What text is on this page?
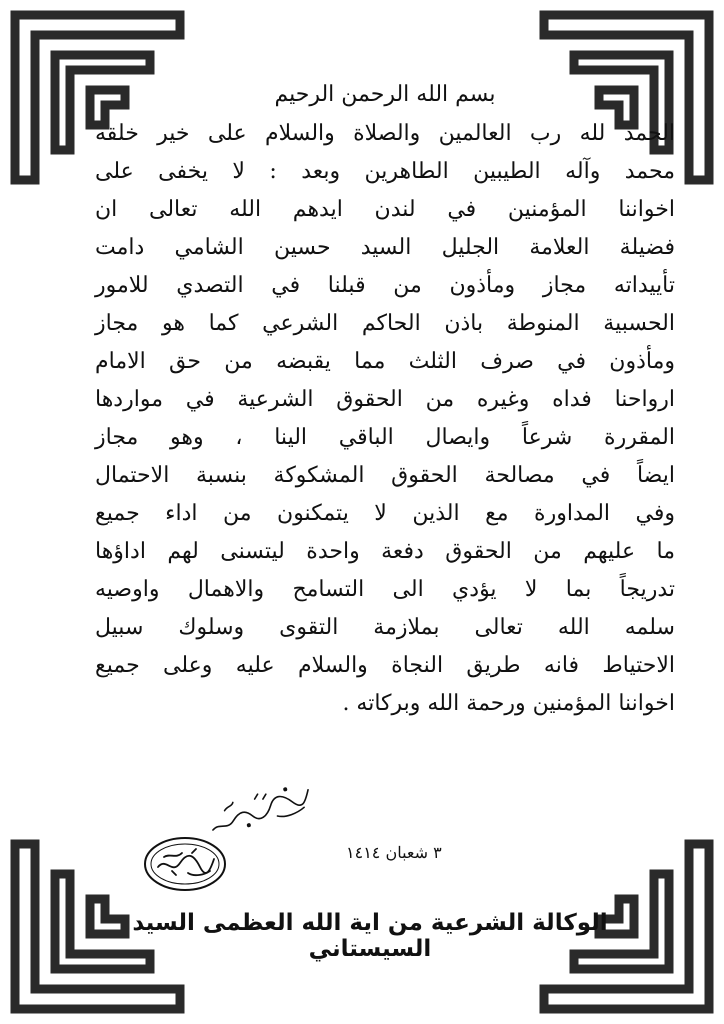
بسم الله الرحمن الرحيم

الحمد لله رب العالمين والصلاة والسلام على خير خلقه

محمد وآله الطيبين الطاهرين وبعد : لا يخفى على

اخواننا المؤمنين في لندن ايدهم الله تعالى ان

فضيلة العلامة الجليل السيد حسين الشامي دامت

تأييداته مجاز ومأذون من قبلنا في التصدي للامور

الحسبية المنوطة باذن الحاكم الشرعي كما هو مجاز

ومأذون في صرف الثلث مما يقبضه من حق الامام

ارواحنا فداه وغيره من الحقوق الشرعية في مواردها

المقررة شرعاً وايصال الباقي الينا ، وهو مجاز

ايضاً في مصالحة الحقوق المشكوكة بنسبة الاحتمال

وفي المداورة مع الذين لا يتمكنون من اداء جميع

ما عليهم من الحقوق دفعة واحدة ليتسنى لهم اداؤها

تدريجاً بما لا يؤدي الى التسامح والاهمال واوصيه

سلمه الله تعالى بملازمة التقوى وسلوك سبيل

الاحتياط فانه طريق النجاة والسلام عليه وعلى جميع

اخواننا المؤمنين ورحمة الله وبركاته .

٣ شعبان ١٤١٤
الوكالة الشرعية من اية الله العظمى السيد السيستاني
